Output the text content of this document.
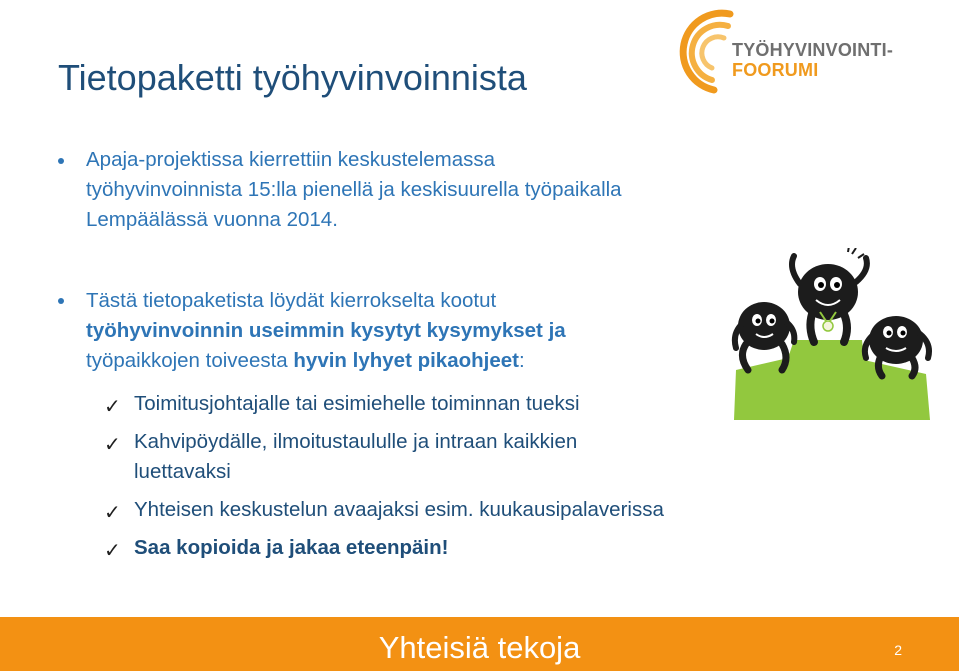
Tietopaketti työhyvinvoinnista
TYÖHYVINVOINTI-
FOORUMI
Apaja-projektissa kierrettiin keskustelemassa
työhyvinvoinnista 15:lla pienellä ja keskisuurella työpaikalla
Lempäälässä vuonna 2014.
Tästä tietopaketista löydät kierrokselta kootut
työhyvinvoinnin useimmin kysytyt kysymykset ja
työpaikkojen toiveesta hyvin lyhyet pikaohjeet:
✓ Toimitusjohtajalle tai esimiehelle toiminnan tueksi
✓ Kahvipöydälle, ilmoitustaululle ja intraan kaikkien
luettavaksi
✓ Yhteisen keskustelun avaajaksi esim. kuukausipalaverissa
✓ Saa kopioida ja jakaa eteenpäin!
Yhteisiä tekoja	2
